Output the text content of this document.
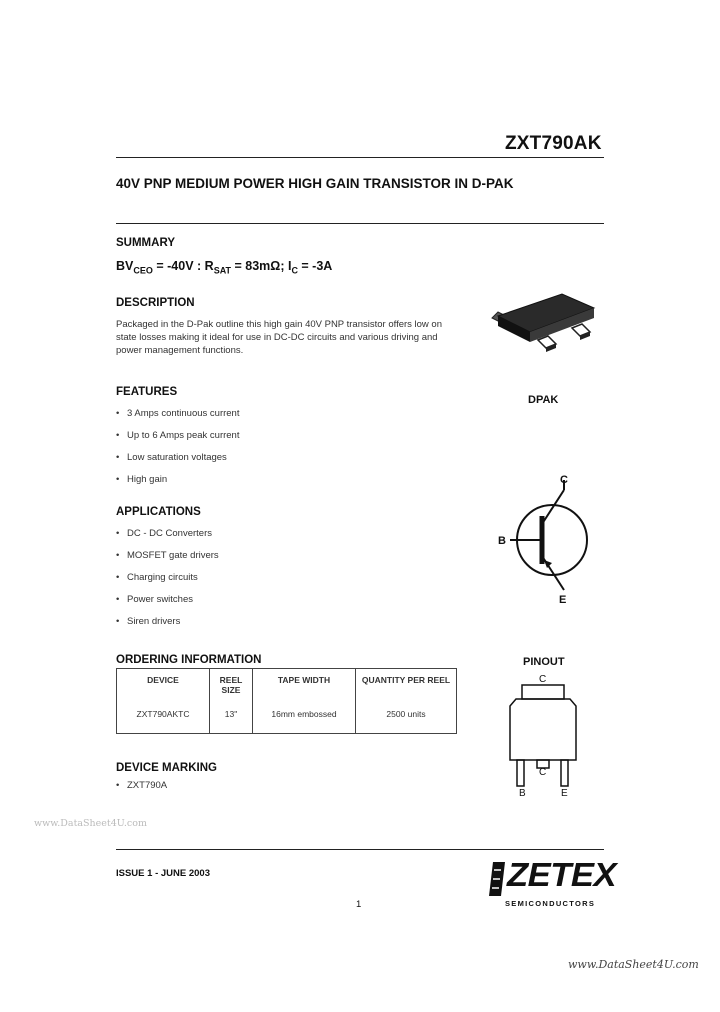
ZXT790AK
40V PNP MEDIUM POWER HIGH GAIN TRANSISTOR IN D-PAK
SUMMARY
$BV_{CEO} = -40V$ : $R_{SAT} = 83m\Omega$; $I_C = -3A$
DESCRIPTION
Packaged in the D-Pak outline this high gain 40V PNP transistor offers low on state losses making it ideal for use in DC-DC circuits and various driving and power management functions.
FEATURES
• 3 Amps continuous current
• Up to 6 Amps peak current
• Low saturation voltages
• High gain
APPLICATIONS
• DC - DC Converters
• MOSFET gate drivers
• Charging circuits
• Power switches
• Siren drivers
ORDERING INFORMATION
DEVICE	REEL SIZE	TAPE WIDTH	QUANTITY PER REEL
ZXT790AKTC	13"	16mm embossed	2500 units
DEVICE MARKING
• ZXT790A
www.DataSheet4U.com
DPAK
C
B
E
PINOUT
C
C
B	E
ISSUE 1 - JUNE 2003
1
ZETEX
SEMICONDUCTORS
www.DataSheet4U.com
